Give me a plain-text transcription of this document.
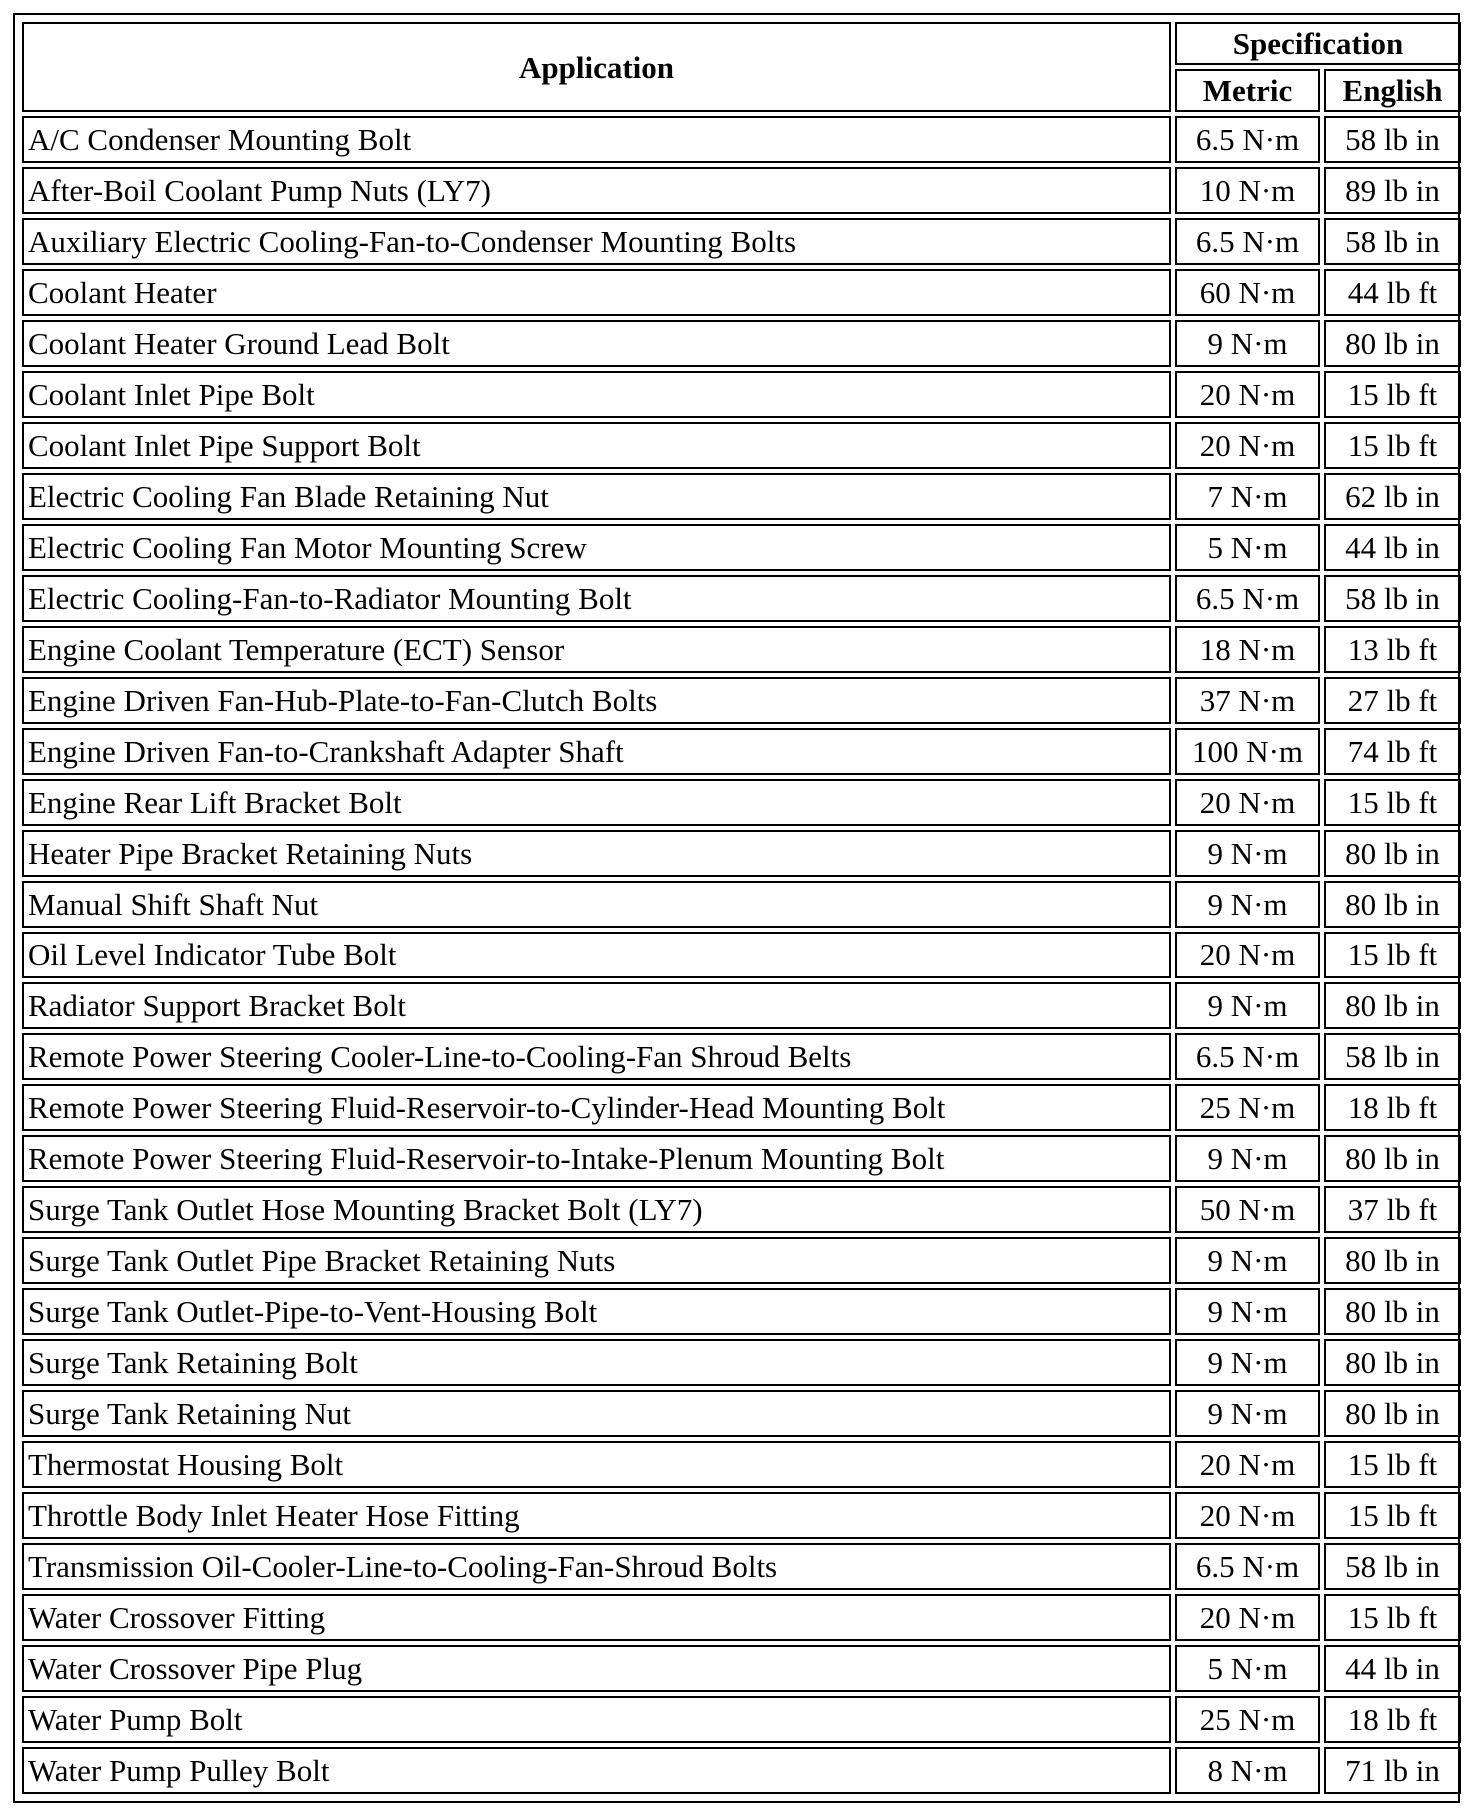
Application	Specification	
	Metric	English
A/C Condenser Mounting Bolt	6.5 N·m	58 lb in
After-Boil Coolant Pump Nuts (LY7)	10 N·m	89 lb in
Auxiliary Electric Cooling-Fan-to-Condenser Mounting Bolts	6.5 N·m	58 lb in
Coolant Heater	60 N·m	44 lb ft
Coolant Heater Ground Lead Bolt	9 N·m	80 lb in
Coolant Inlet Pipe Bolt	20 N·m	15 lb ft
Coolant Inlet Pipe Support Bolt	20 N·m	15 lb ft
Electric Cooling Fan Blade Retaining Nut	7 N·m	62 lb in
Electric Cooling Fan Motor Mounting Screw	5 N·m	44 lb in
Electric Cooling-Fan-to-Radiator Mounting Bolt	6.5 N·m	58 lb in
Engine Coolant Temperature (ECT) Sensor	18 N·m	13 lb ft
Engine Driven Fan-Hub-Plate-to-Fan-Clutch Bolts	37 N·m	27 lb ft
Engine Driven Fan-to-Crankshaft Adapter Shaft	100 N·m	74 lb ft
Engine Rear Lift Bracket Bolt	20 N·m	15 lb ft
Heater Pipe Bracket Retaining Nuts	9 N·m	80 lb in
Manual Shift Shaft Nut	9 N·m	80 lb in
Oil Level Indicator Tube Bolt	20 N·m	15 lb ft
Radiator Support Bracket Bolt	9 N·m	80 lb in
Remote Power Steering Cooler-Line-to-Cooling-Fan Shroud Belts	6.5 N·m	58 lb in
Remote Power Steering Fluid-Reservoir-to-Cylinder-Head Mounting Bolt	25 N·m	18 lb ft
Remote Power Steering Fluid-Reservoir-to-Intake-Plenum Mounting Bolt	9 N·m	80 lb in
Surge Tank Outlet Hose Mounting Bracket Bolt (LY7)	50 N·m	37 lb ft
Surge Tank Outlet Pipe Bracket Retaining Nuts	9 N·m	80 lb in
Surge Tank Outlet-Pipe-to-Vent-Housing Bolt	9 N·m	80 lb in
Surge Tank Retaining Bolt	9 N·m	80 lb in
Surge Tank Retaining Nut	9 N·m	80 lb in
Thermostat Housing Bolt	20 N·m	15 lb ft
Throttle Body Inlet Heater Hose Fitting	20 N·m	15 lb ft
Transmission Oil-Cooler-Line-to-Cooling-Fan-Shroud Bolts	6.5 N·m	58 lb in
Water Crossover Fitting	20 N·m	15 lb ft
Water Crossover Pipe Plug	5 N·m	44 lb in
Water Pump Bolt	25 N·m	18 lb ft
Water Pump Pulley Bolt	8 N·m	71 lb in
